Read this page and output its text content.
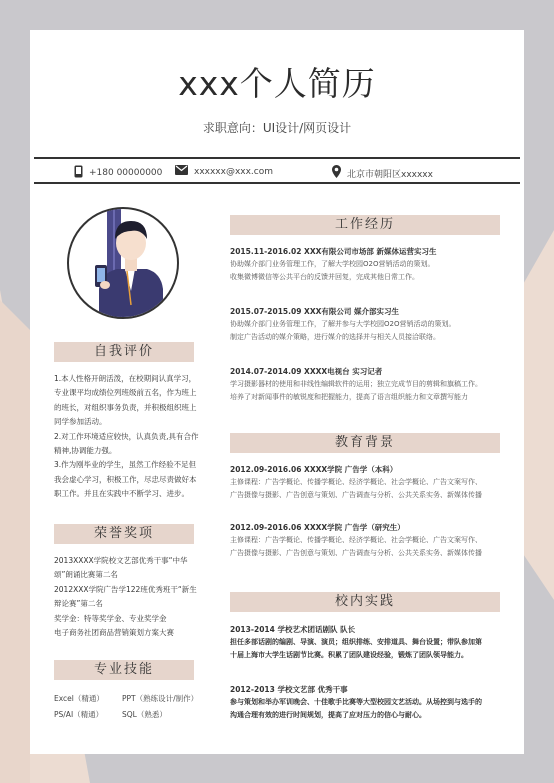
xxx个人简历
求职意向：UI设计/网页设计
+180 00000000	xxxxxx@xxx.com	北京市朝阳区xxxxxx
自我评价

1.本人性格开朗活泼，在校期间认真学习，专业课平均成绩位列班级前五名，作为班上的班长，对组织事务负责，并积极组织班上同学参加活动。

2.对工作环境适应较快，认真负责,具有合作精神,协调能力强。

3.作为刚毕业的学生，虽然工作经验不足但我会虚心学习，积极工作，尽忠尽责做好本职工作。并且在实践中不断学习、进步。

荣誉奖项

2013XXXX学院校文艺部优秀干事“中华颂”朗诵比赛第二名

2012XXX学院广告学122班优秀班干“新生辩论赛”第二名

奖学金：特等奖学金、专业奖学金

电子商务社团商品营销策划方案大赛

专业技能
Excel（精通） PPT（熟练设计/制作）
PS/AI（精通）	SQL（熟悉）
工作经历

2015.11-2016.02 XXX有限公司市场部 新媒体运营实习生

协助媒介部门业务管理工作，了解大学校园O2O营销活动的策划。

收集微博微信等公共平台的反馈并回复，完成其他日常工作。

2015.07-2015.09 XXX有限公司 媒介部实习生

协助媒介部门业务管理工作，了解并参与大学校园O2O营销活动的策划。

制定广告活动的媒介策略，进行媒介的选择并与相关人员接洽联络。

2014.07-2014.09 XXXX电视台 实习记者

学习摄影器材的使用和非线性编辑软件的运用；独立完成节目的剪辑和旗稿工作。

培养了对新闻事件的敏锐度和把握能力，提高了语言组织能力和文章撰写能力

教育背景

2012.09-2016.06 XXXX学院 广告学（本科）

主修课程：广告学概论、传播学概论、经济学概论、社会学概论、广告文案写作、

广告摄像与摄影、广告创意与策划、广告调查与分析、公共关系实务、新媒体传播

2012.09-2016.06 XXXX学院 广告学（研究生）

主修课程：广告学概论、传播学概论、经济学概论、社会学概论、广告文案写作、

广告摄像与摄影、广告创意与策划、广告调查与分析、公共关系实务、新媒体传播

校内实践

2013-2014 学校艺术团话剧队 队长

担任多部话剧的编剧、导演、演员；组织排练、安排道具、舞台设置；带队参加第

十届上海市大学生话剧节比赛。积累了团队建设经验，锻炼了团队领导能力。

2012-2013 学校文艺部 优秀干事

参与策划和举办军训晚会、十佳歌手比赛等大型校园文艺活动。从场控到与选手的

沟通合理有效的进行时间规划，提高了应对压力的信心与耐心。
